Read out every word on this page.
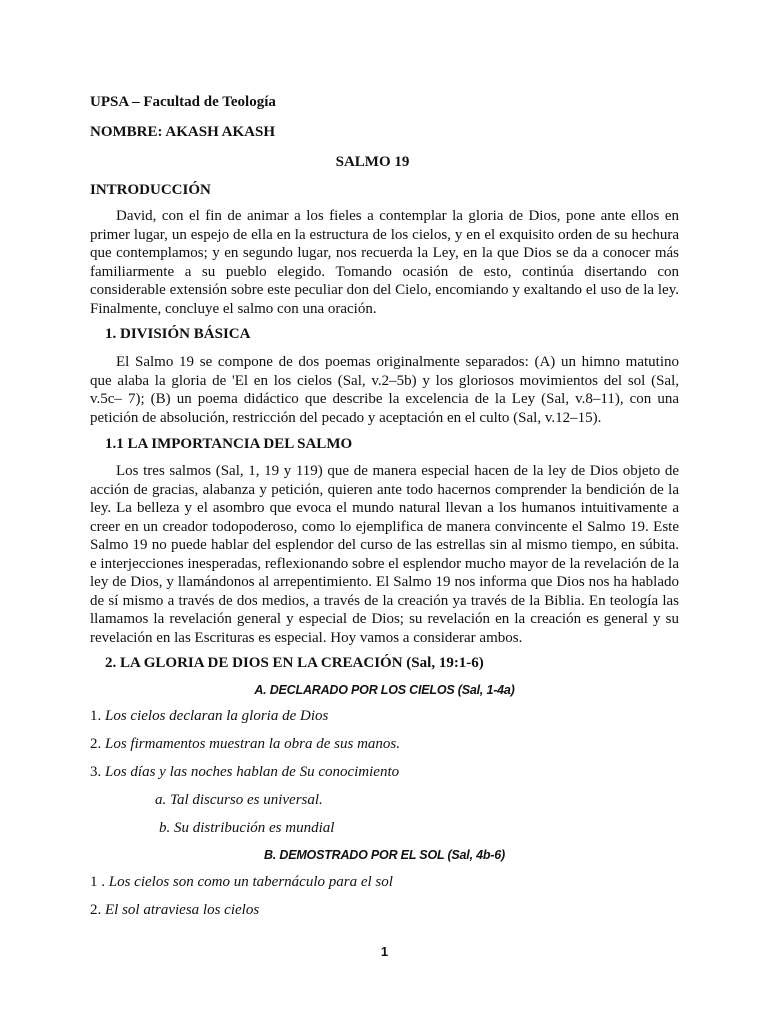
UPSA – Facultad de Teología
NOMBRE: AKASH AKASH
SALMO 19
INTRODUCCIÓN

David, con el fin de animar a los fieles a contemplar la gloria de Dios, pone ante ellos en primer lugar, un espejo de ella en la estructura de los cielos, y en el exquisito orden de su hechura que contemplamos; y en segundo lugar, nos recuerda la Ley, en la que Dios se da a conocer más familiarmente a su pueblo elegido. Tomando ocasión de esto, continúa disertando con considerable extensión sobre este peculiar don del Cielo, encomiando y exaltando el uso de la ley. Finalmente, concluye el salmo con una oración.

1. DIVISIÓN BÁSICA

El Salmo 19 se compone de dos poemas originalmente separados: (A) un himno matutino que alaba la gloria de 'El en los cielos (Sal, v.2–5b) y los gloriosos movimientos del sol (Sal, v.5c– 7); (B) un poema didáctico que describe la excelencia de la Ley (Sal, v.8–11), con una petición de absolución, restricción del pecado y aceptación en el culto (Sal, v.12–15).

1.1 LA IMPORTANCIA DEL SALMO

Los tres salmos (Sal, 1, 19 y 119) que de manera especial hacen de la ley de Dios objeto de acción de gracias, alabanza y petición, quieren ante todo hacernos comprender la bendición de la ley. La belleza y el asombro que evoca el mundo natural llevan a los humanos intuitivamente a creer en un creador todopoderoso, como lo ejemplifica de manera convincente el Salmo 19. Este Salmo 19 no puede hablar del esplendor del curso de las estrellas sin al mismo tiempo, en súbita. e interjecciones inesperadas, reflexionando sobre el esplendor mucho mayor de la revelación de la ley de Dios, y llamándonos al arrepentimiento. El Salmo 19 nos informa que Dios nos ha hablado de sí mismo a través de dos medios, a través de la creación ya través de la Biblia. En teología las llamamos la revelación general y especial de Dios; su revelación en la creación es general y su revelación en las Escrituras es especial. Hoy vamos a considerar ambos.

2. LA GLORIA DE DIOS EN LA CREACIÓN (Sal, 19:1-6)
A. DECLARADO POR LOS CIELOS (Sal, 1-4a)
1. Los cielos declaran la gloria de Dios
2. Los firmamentos muestran la obra de sus manos.
3. Los días y las noches hablan de Su conocimiento
a. Tal discurso es universal.
b. Su distribución es mundial
B. DEMOSTRADO POR EL SOL (Sal, 4b-6)
1 . Los cielos son como un tabernáculo para el sol
2. El sol atraviesa los cielos
1
